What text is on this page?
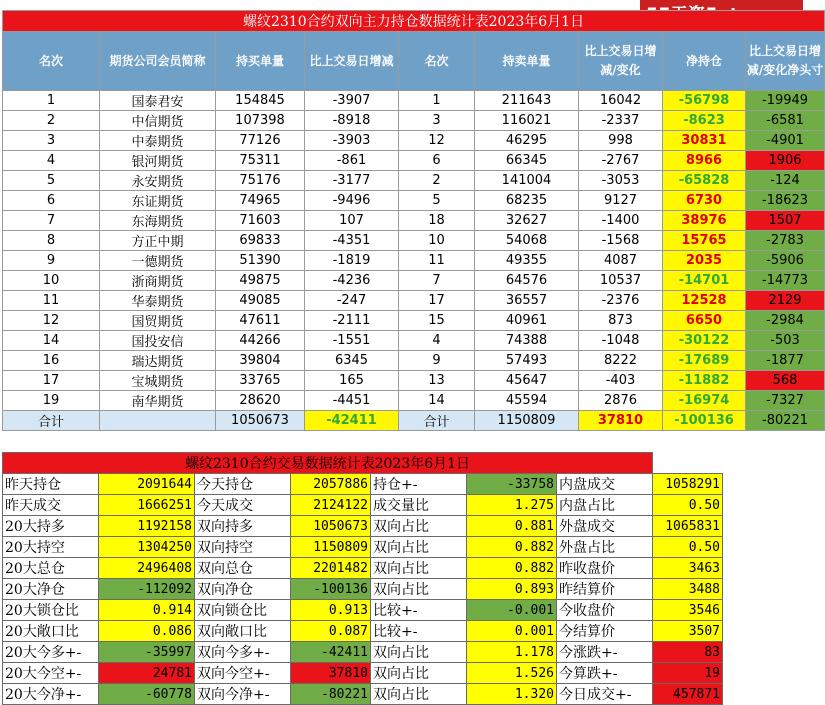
螺纹2310合约双向主力持仓数据统计表2023年6月1日								
名次	期货公司会员简称	持买单量	比上交易日增减	名次	持卖单量	比上交易日增减/变化	净持仓	比上交易日增减/变化净头寸
1	国泰君安	154845	-3907	1	211643	16042	-56798	-19949
2	中信期货	107398	-8918	3	116021	-2337	-8623	-6581
3	中泰期货	77126	-3903	12	46295	998	30831	-4901
4	银河期货	75311	-861	6	66345	-2767	8966	1906
5	永安期货	75176	-3177	2	141004	-3053	-65828	-124
6	东证期货	74965	-9496	5	68235	9127	6730	-18623
7	东海期货	71603	107	18	32627	-1400	38976	1507
8	方正中期	69833	-4351	10	54068	-1568	15765	-2783
9	一德期货	51390	-1819	11	49355	4087	2035	-5906
10	浙商期货	49875	-4236	7	64576	10537	-14701	-14773
11	华泰期货	49085	-247	17	36557	-2376	12528	2129
12	国贸期货	47611	-2111	15	40961	873	6650	-2984
14	国投安信	44266	-1551	4	74388	-1048	-30122	-503
16	瑞达期货	39804	6345	9	57493	8222	-17689	-1877
17	宝城期货	33765	165	13	45647	-403	-11882	568
19	南华期货	28620	-4451	14	45594	2876	-16974	-7327
合计		1050673	-42411	合计	1150809	37810	-100136	-80221
螺纹2310合约交易数据统计表2023年6月1日							
昨天持仓	2091644	今天持仓	2057886	持仓+-	-33758	内盘成交	1058291
昨天成交	1666251	今天成交	2124122	成交量比	1.275	内盘占比	0.50
20大持多	1192158	双向持多	1050673	双向占比	0.881	外盘成交	1065831
20大持空	1304250	双向持空	1150809	双向占比	0.882	外盘占比	0.50
20大总仓	2496408	双向总仓	2201482	双向占比	0.882	昨收盘价	3463
20大净仓	-112092	双向净仓	-100136	双向占比	0.893	昨结算价	3488
20大锁仓比	0.914	双向锁仓比	0.913	比较+-	-0.001	今收盘价	3546
20大敞口比	0.086	双向敞口比	0.087	比较+-	0.001	今结算价	3507
20大今多+-	-35997	双向今多+-	-42411	双向占比	1.178	今涨跌+-	83
20大今空+-	24781	双向今空+-	37810	双向占比	1.526	今算跌+-	19
20大今净+-	-60778	双向今净+-	-80221	双向占比	1.320	今日成交+-	457871
